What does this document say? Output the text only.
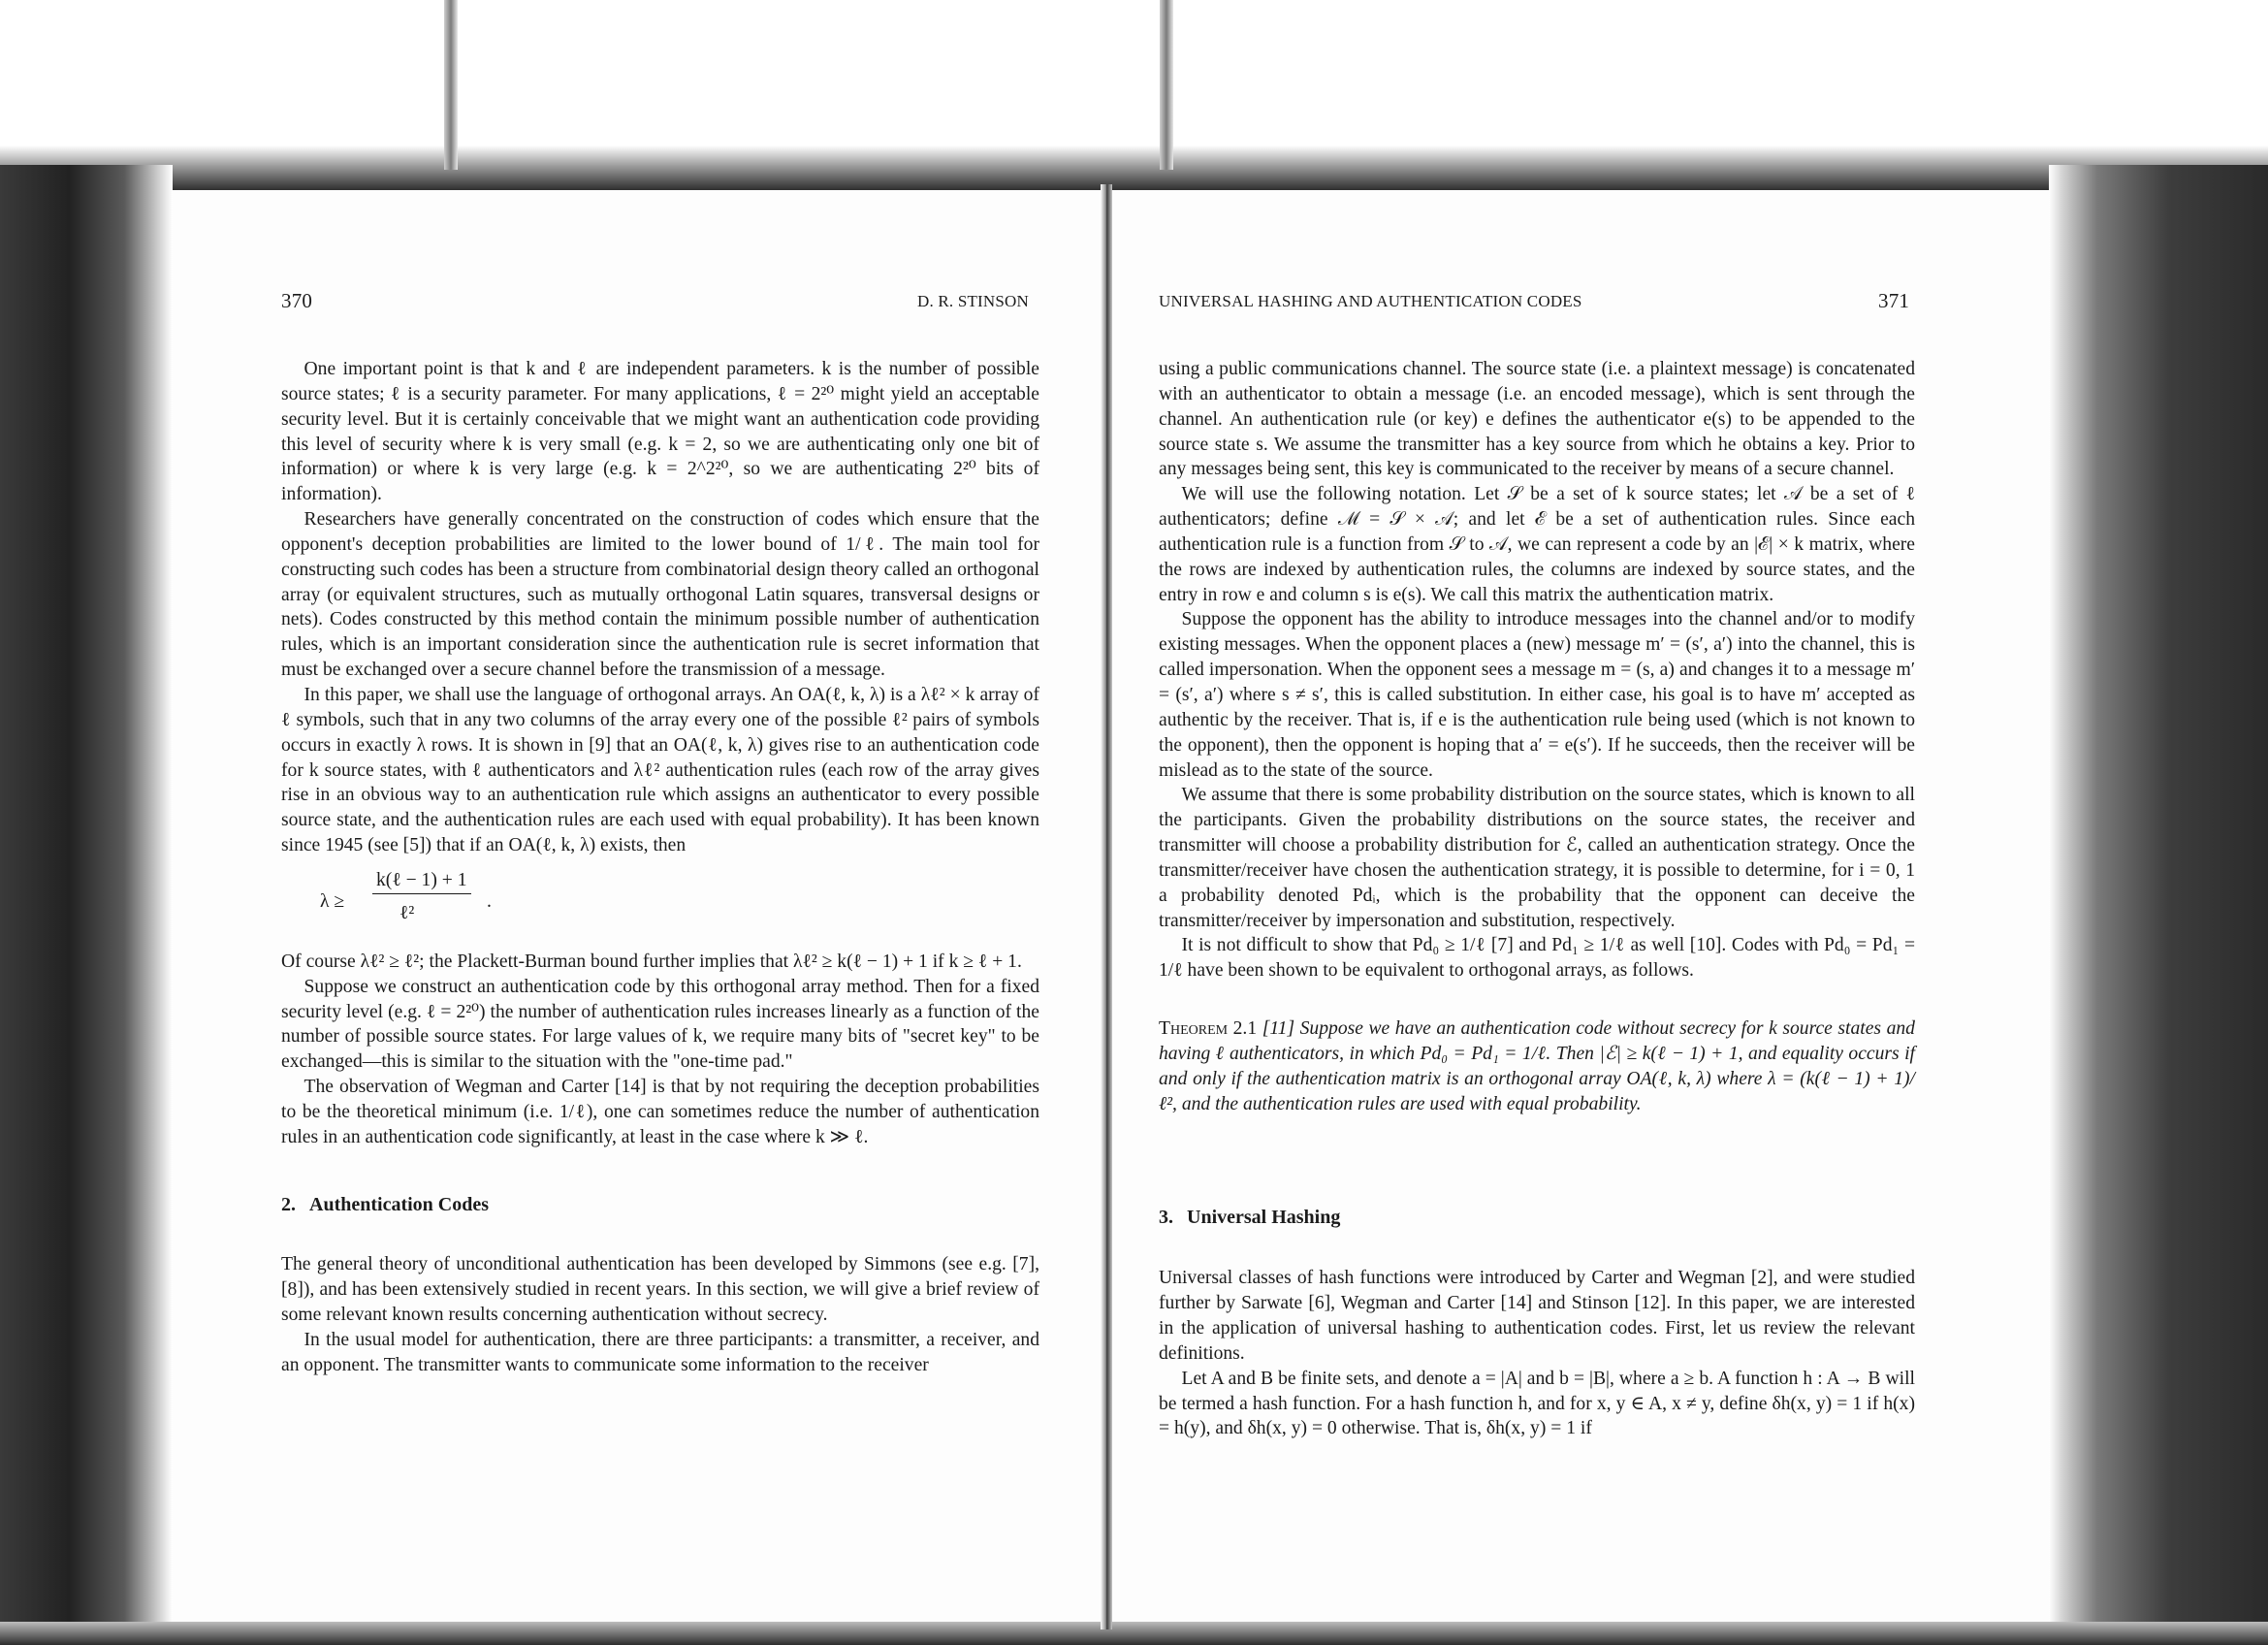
370	D. R. STINSON

One important point is that k and ℓ are independent parameters. k is the number of possible source states; ℓ is a security parameter. For many applications, ℓ = 2²⁰ might yield an acceptable security level. But it is certainly conceivable that we might want an authentication code providing this level of security where k is very small (e.g. k = 2, so we are authenticating only one bit of information) or where k is very large (e.g. k = 2^2²⁰, so we are authenticating 2²⁰ bits of information).

Researchers have generally concentrated on the construction of codes which ensure that the opponent's deception probabilities are limited to the lower bound of 1/ℓ. The main tool for constructing such codes has been a structure from combinatorial design theory called an orthogonal array (or equivalent structures, such as mutually orthogonal Latin squares, transversal designs or nets). Codes constructed by this method contain the minimum possible number of authentication rules, which is an important consideration since the authentication rule is secret information that must be exchanged over a secure channel before the transmission of a message.

In this paper, we shall use the language of orthogonal arrays. An OA(ℓ, k, λ) is a λℓ² × k array of ℓ symbols, such that in any two columns of the array every one of the possible ℓ² pairs of symbols occurs in exactly λ rows. It is shown in [9] that an OA(ℓ, k, λ) gives rise to an authentication code for k source states, with ℓ authenticators and λℓ² authentication rules (each row of the array gives rise in an obvious way to an authentication rule which assigns an authenticator to every possible source state, and the authentication rules are each used with equal probability). It has been known since 1945 (see [5]) that if an OA(ℓ, k, λ) exists, then

λ ≥
k(ℓ − 1) + 1
ℓ²
.

Of course λℓ² ≥ ℓ²; the Plackett-Burman bound further implies that λℓ² ≥ k(ℓ − 1) + 1 if k ≥ ℓ + 1.

Suppose we construct an authentication code by this orthogonal array method. Then for a fixed security level (e.g. ℓ = 2²⁰) the number of authentication rules increases linearly as a function of the number of possible source states. For large values of k, we require many bits of "secret key" to be exchanged—this is similar to the situation with the "one-time pad."

The observation of Wegman and Carter [14] is that by not requiring the deception probabilities to be the theoretical minimum (i.e. 1/ℓ), one can sometimes reduce the number of authentication rules in an authentication code significantly, at least in the case where k ≫ ℓ.

2. Authentication Codes

The general theory of unconditional authentication has been developed by Simmons (see e.g. [7], [8]), and has been extensively studied in recent years. In this section, we will give a brief review of some relevant known results concerning authentication without secrecy.

In the usual model for authentication, there are three participants: a transmitter, a receiver, and an opponent. The transmitter wants to communicate some information to the receiver

UNIVERSAL HASHING AND AUTHENTICATION CODES	371

using a public communications channel. The source state (i.e. a plaintext message) is concatenated with an authenticator to obtain a message (i.e. an encoded message), which is sent through the channel. An authentication rule (or key) e defines the authenticator e(s) to be appended to the source state s. We assume the transmitter has a key source from which he obtains a key. Prior to any messages being sent, this key is communicated to the receiver by means of a secure channel.

We will use the following notation. Let 𝒮 be a set of k source states; let 𝒜 be a set of ℓ authenticators; define ℳ = 𝒮 × 𝒜; and let ℰ be a set of authentication rules. Since each authentication rule is a function from 𝒮 to 𝒜, we can represent a code by an |ℰ| × k matrix, where the rows are indexed by authentication rules, the columns are indexed by source states, and the entry in row e and column s is e(s). We call this matrix the authentication matrix.

Suppose the opponent has the ability to introduce messages into the channel and/or to modify existing messages. When the opponent places a (new) message m′ = (s′, a′) into the channel, this is called impersonation. When the opponent sees a message m = (s, a) and changes it to a message m′ = (s′, a′) where s ≠ s′, this is called substitution. In either case, his goal is to have m′ accepted as authentic by the receiver. That is, if e is the authentication rule being used (which is not known to the opponent), then the opponent is hoping that a′ = e(s′). If he succeeds, then the receiver will be mislead as to the state of the source.

We assume that there is some probability distribution on the source states, which is known to all the participants. Given the probability distributions on the source states, the receiver and transmitter will choose a probability distribution for ℰ, called an authentication strategy. Once the transmitter/receiver have chosen the authentication strategy, it is possible to determine, for i = 0, 1 a probability denoted Pdᵢ, which is the probability that the opponent can deceive the transmitter/receiver by impersonation and substitution, respectively.

It is not difficult to show that Pd₀ ≥ 1/ℓ [7] and Pd₁ ≥ 1/ℓ as well [10]. Codes with Pd₀ = Pd₁ = 1/ℓ have been shown to be equivalent to orthogonal arrays, as follows.

Theorem 2.1 [11] Suppose we have an authentication code without secrecy for k source states and having ℓ authenticators, in which Pd₀ = Pd₁ = 1/ℓ. Then |ℰ| ≥ k(ℓ − 1) + 1, and equality occurs if and only if the authentication matrix is an orthogonal array OA(ℓ, k, λ) where λ = (k(ℓ − 1) + 1)/ℓ², and the authentication rules are used with equal probability.

3. Universal Hashing

Universal classes of hash functions were introduced by Carter and Wegman [2], and were studied further by Sarwate [6], Wegman and Carter [14] and Stinson [12]. In this paper, we are interested in the application of universal hashing to authentication codes. First, let us review the relevant definitions.

Let A and B be finite sets, and denote a = |A| and b = |B|, where a ≥ b. A function h : A → B will be termed a hash function. For a hash function h, and for x, y ∈ A, x ≠ y, define δh(x, y) = 1 if h(x) = h(y), and δh(x, y) = 0 otherwise. That is, δh(x, y) = 1 if
